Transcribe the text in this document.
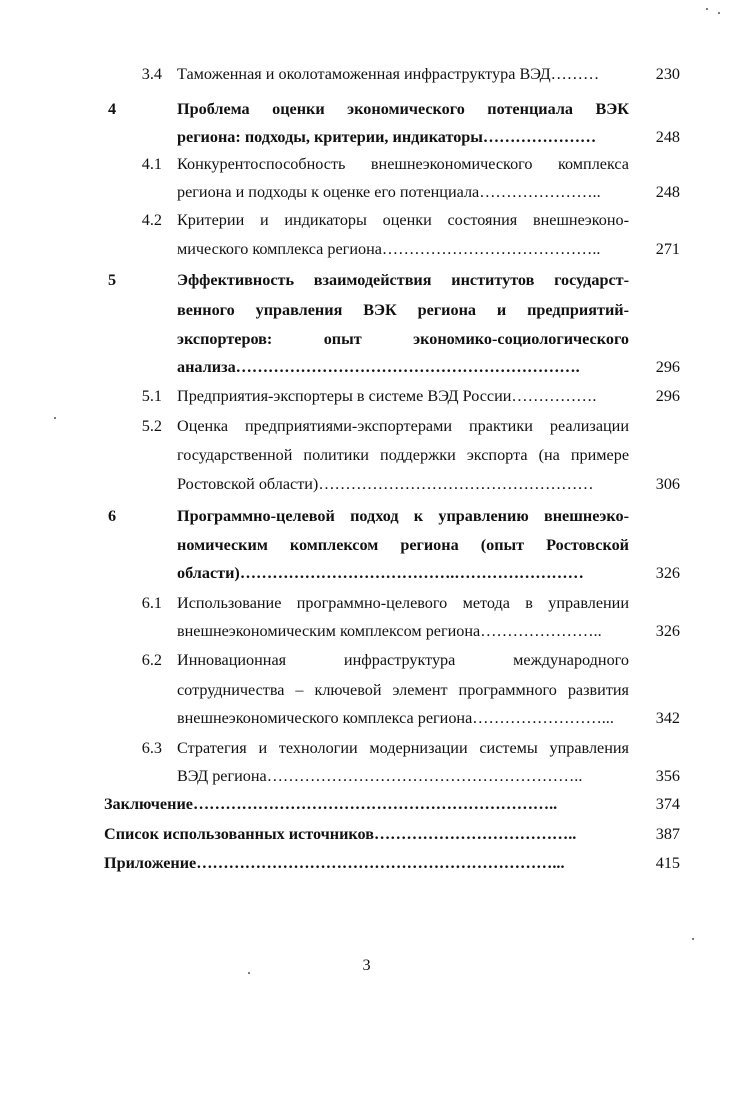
3.4 Таможенная и околотаможенная инфраструктура ВЭД………	230
4	Проблема оценки экономического потенциала ВЭК
региона: подходы, критерии, индикаторы…………………	248
4.1 Конкурентоспособность внешнеэкономического комплекса
региона и подходы к оценке его потенциала…………………..	248
4.2 Критерии и индикаторы оценки состояния внешнеэконо-
мического комплекса региона…………………………………..	271
5	Эффективность взаимодействия институтов государст-
венного управления ВЭК региона и предприятий-
экспортеров: опыт экономико-социологического
анализа……………………………………………………….	296
5.1 Предприятия-экспортеры в системе ВЭД России…………….	296
5.2 Оценка предприятиями-экспортерами практики реализации
государственной политики поддержки экспорта (на примере
Ростовской области)……………………………………………	306
6	Программно-целевой подход к управлению внешнеэко-
номическим комплексом региона (опыт Ростовской
области)………………………………….……………………	326
6.1 Использование программно-целевого метода в управлении
внешнеэкономическим комплексом региона…………………..	326
6.2 Инновационная инфраструктура международного
сотрудничества – ключевой элемент программного развития
внешнеэкономического комплекса региона……………………...	342
6.3 Стратегия и технологии модернизации системы управления
ВЭД региона…………………………………………………..	356
Заключение…………………………………………………………..	374
Список использованных источников………………………………..	387
Приложение…………………………………………………………...	415
3
